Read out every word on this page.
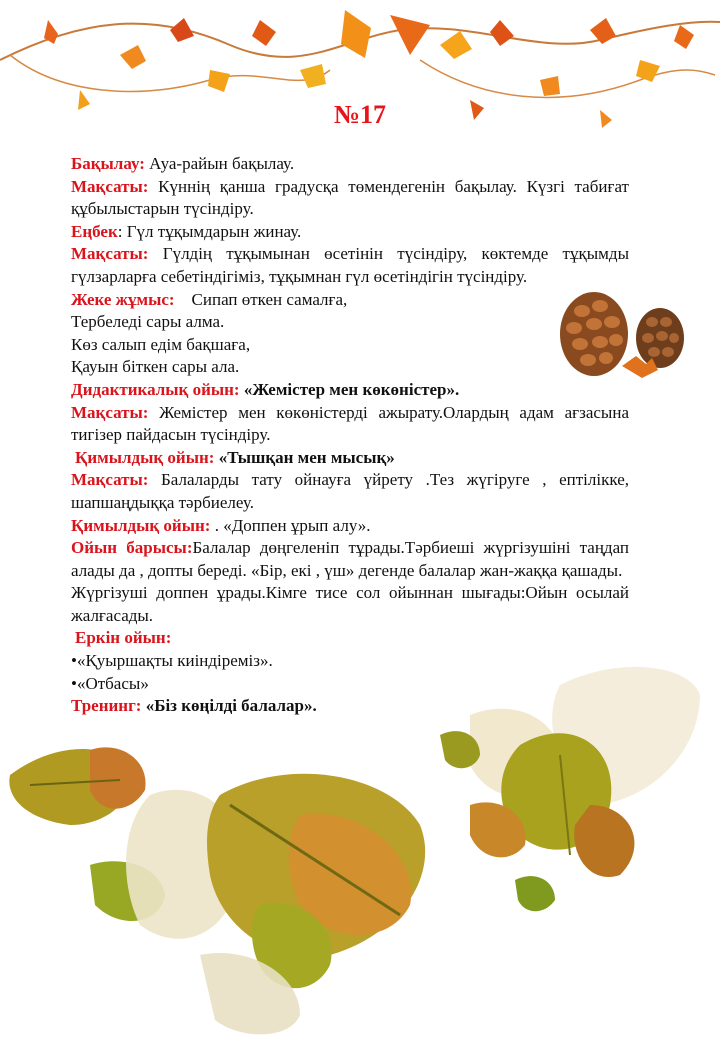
№17

Бақылау: Ауа-райын бақылау.

Мақсаты: Күннің қанша градусқа төмендегенін бақылау. Күзгі табиғат құбылыстарын түсіндіру.

Еңбек: Гүл тұқымдарын жинау.

Мақсаты: Гүлдің тұқымынан өсетінін түсіндіру, көктемде тұқымды гүлзарларға себетіндігіміз, тұқымнан гүл өсетіндігін түсіндіру.

Жеке жұмыс:    Сипап өткен самалға,

Тербеледі сары алма.

Көз салып едім бақшаға,

Қауын біткен сары ала.

Дидактикалық ойын: «Жемістер мен көкөністер».

Мақсаты: Жемістер мен көкөністерді ажырату.Олардың адам ағзасына тигізер пайдасын түсіндіру.

Қимылдық ойын: «Тышқан мен мысық»

Мақсаты: Балаларды тату ойнауға үйрету .Тез жүгіруге , ептілікке, шапшаңдыққа тәрбиелеу.

Қимылдық ойын: . «Доппен ұрып алу».

Ойын барысы:Балалар дөңгеленіп тұрады.Тәрбиеші жүргізушіні таңдап алады да , допты береді. «Бір, екі , үш» дегенде балалар жан-жаққа қашады.

Жүргізуші доппен ұрады.Кімге тисе сол ойыннан шығады:Ойын осылай жалғасады.

Еркін ойын:

•«Қуыршақты киіндіреміз».

•«Отбасы»

Тренинг: «Біз көңілді балалар».
